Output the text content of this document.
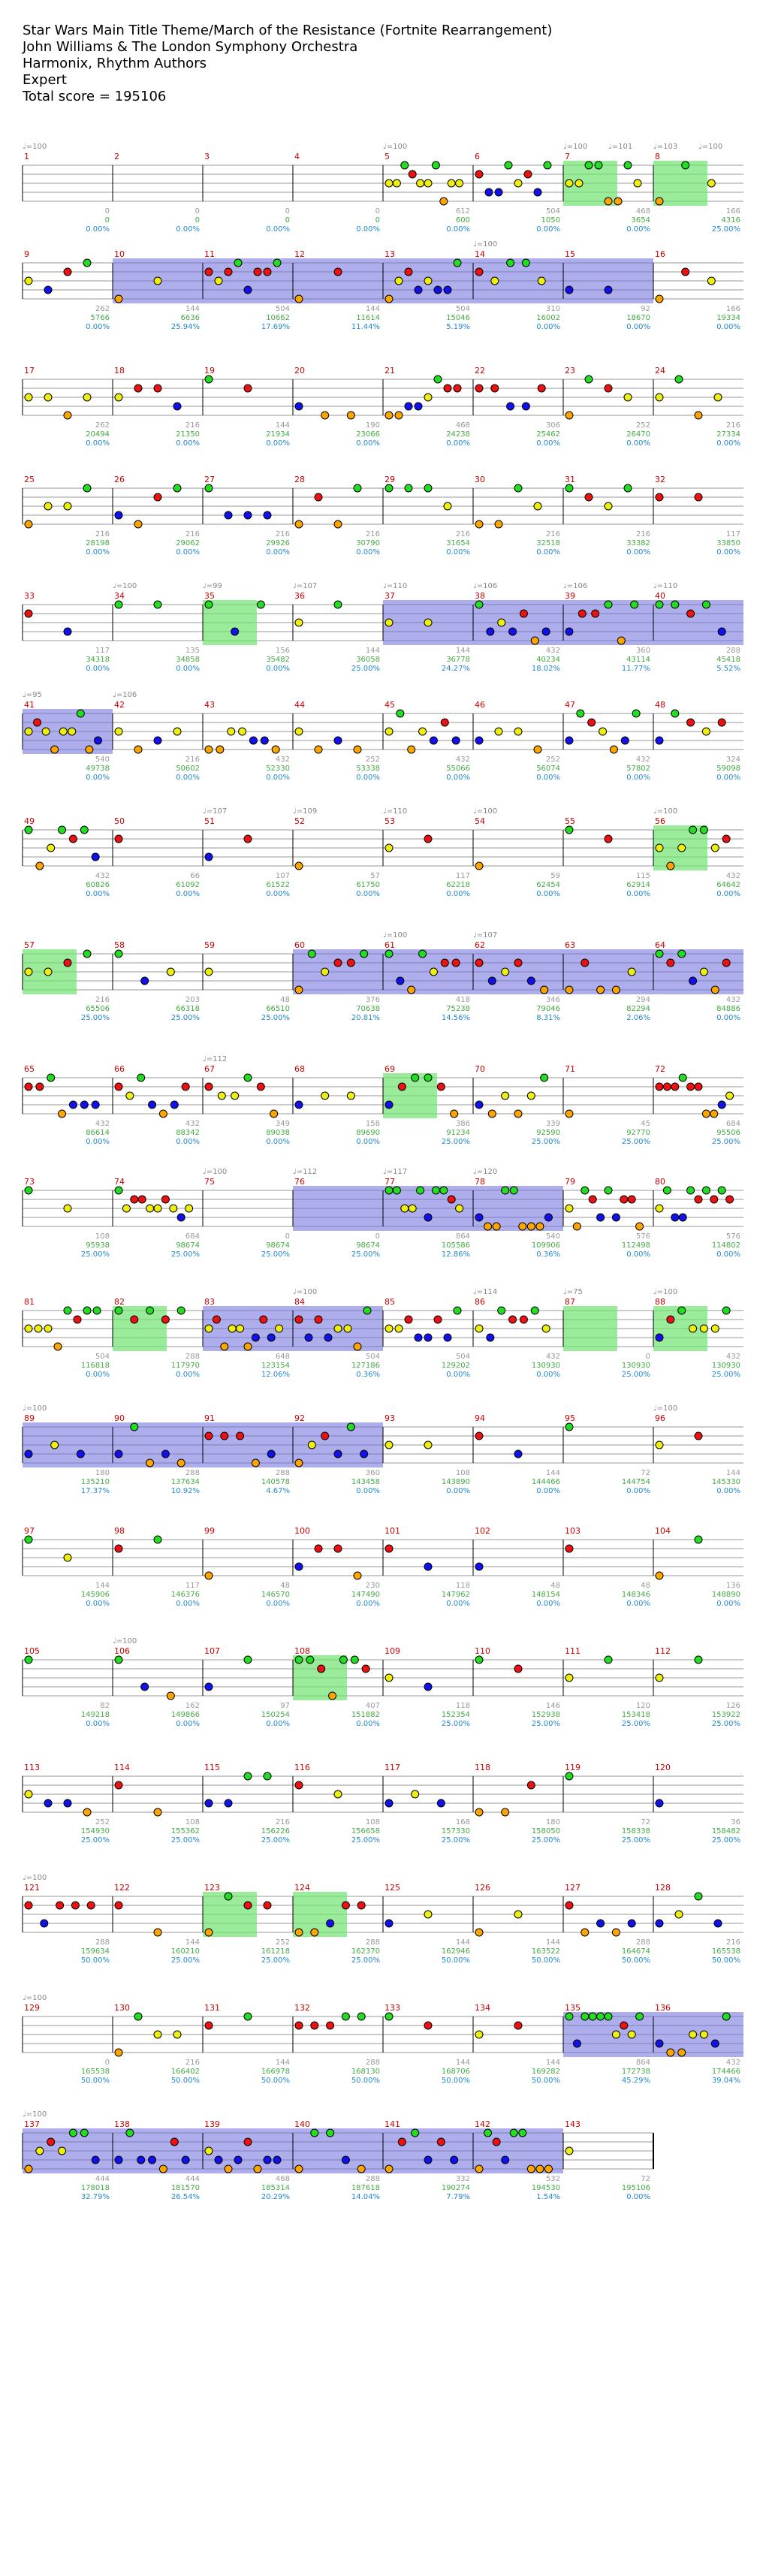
Star Wars Main Title Theme/March of the Resistance (Fortnite Rearrangement)
John Williams & The London Symphony Orchestra
Harmonix, Rhythm Authors
Expert
Total score = 195106
1
0
0
0.00%
2
0
0
0.00%
3
0
0
0.00%
4
0
0
0.00%
5
612
600
0.00%
6
504
1050
0.00%
7
468
3654
0.00%
8
166
4316
25.00%
9
262
5766
0.00%
10
144
6636
25.94%
11
504
10662
17.69%
12
144
11614
11.44%
13
504
15046
5.19%
14
310
16002
0.00%
15
92
18670
0.00%
16
166
19334
0.00%
17
262
20494
0.00%
18
216
21350
0.00%
19
144
21934
0.00%
20
190
23066
0.00%
21
468
24238
0.00%
22
306
25462
0.00%
23
252
26470
0.00%
24
216
27334
0.00%
25
216
28198
0.00%
26
216
29062
0.00%
27
216
29926
0.00%
28
216
30790
0.00%
29
216
31654
0.00%
30
216
32518
0.00%
31
216
33382
0.00%
32
117
33850
0.00%
33
117
34318
0.00%
34
135
34858
0.00%
35
156
35482
0.00%
36
144
36058
25.00%
37
144
36778
24.27%
38
432
40234
18.02%
39
360
43114
11.77%
40
288
45418
5.52%
41
540
49738
0.00%
42
216
50602
0.00%
43
432
52330
0.00%
44
252
53338
0.00%
45
432
55066
0.00%
46
252
56074
0.00%
47
432
57802
0.00%
48
324
59098
0.00%
49
432
60826
0.00%
50
66
61092
0.00%
51
107
61522
0.00%
52
57
61750
0.00%
53
117
62218
0.00%
54
59
62454
0.00%
55
115
62914
0.00%
56
432
64642
0.00%
57
216
65506
25.00%
58
203
66318
25.00%
59
48
66510
25.00%
60
376
70638
20.81%
61
418
75238
14.56%
62
346
79046
8.31%
63
294
82294
2.06%
64
432
84886
0.00%
65
432
86614
0.00%
66
432
88342
0.00%
67
349
89038
0.00%
68
158
89690
0.00%
69
386
91234
25.00%
70
339
92590
25.00%
71
45
92770
25.00%
72
684
95506
25.00%
73
108
95938
25.00%
74
684
98674
25.00%
75
0
98674
25.00%
76
0
98674
25.00%
77
864
105586
12.86%
78
540
109906
0.36%
79
576
112498
0.00%
80
576
114802
0.00%
81
504
116818
0.00%
82
288
117970
0.00%
83
648
123154
12.06%
84
504
127186
0.36%
85
504
129202
0.00%
86
432
130930
0.00%
87
0
130930
25.00%
88
432
130930
25.00%
89
180
135210
17.37%
90
288
137634
10.92%
91
288
140578
4.67%
92
360
143458
0.00%
93
108
143890
0.00%
94
144
144466
0.00%
95
72
144754
0.00%
96
144
145330
0.00%
97
144
145906
0.00%
98
117
146376
0.00%
99
48
146570
0.00%
100
230
147490
0.00%
101
118
147962
0.00%
102
48
148154
0.00%
103
48
148346
0.00%
104
136
148890
0.00%
105
82
149218
0.00%
106
162
149866
0.00%
107
97
150254
0.00%
108
407
151882
0.00%
109
118
152354
25.00%
110
146
152938
25.00%
111
120
153418
25.00%
112
126
153922
25.00%
113
252
154930
25.00%
114
108
155362
25.00%
115
216
156226
25.00%
116
108
156658
25.00%
117
168
157330
25.00%
118
180
158050
25.00%
119
72
158338
25.00%
120
36
158482
25.00%
121
288
159634
50.00%
122
144
160210
25.00%
123
252
161218
25.00%
124
288
162370
25.00%
125
144
162946
50.00%
126
144
163522
50.00%
127
288
164674
50.00%
128
216
165538
50.00%
129
0
165538
50.00%
130
216
166402
50.00%
131
144
166978
50.00%
132
288
168130
50.00%
133
144
168706
50.00%
134
144
169282
50.00%
135
864
172738
45.29%
136
432
174466
39.04%
137
444
178018
32.79%
138
444
181570
26.54%
139
468
185314
20.29%
140
288
187618
14.04%
141
332
190274
7.79%
142
532
194530
1.54%
143
72
195106
0.00%
♩=100	♩=100	♩=100	♩=101	♩=103	♩=100
♩=100
♩=100	♩=99	♩=107	♩=110	♩=106	♩=106	♩=110
♩=95	♩=106
♩=107	♩=109	♩=110	♩=100	♩=100
♩=100	♩=107
♩=112
♩=100	♩=112	♩=117	♩=120
♩=100	♩=114	♩=75	♩=100
♩=100	♩=100
♩=100
♩=100
♩=100
♩=100
